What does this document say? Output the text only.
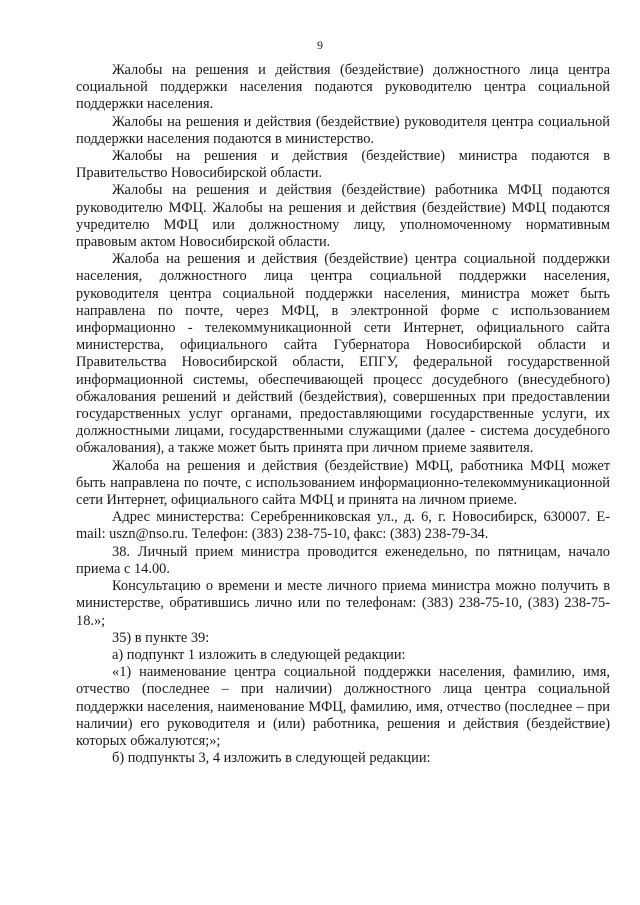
9

Жалобы на решения и действия (бездействие) должностного лица центра социальной поддержки населения подаются руководителю центра социальной поддержки населения.

Жалобы на решения и действия (бездействие) руководителя центра социальной поддержки населения подаются в министерство.

Жалобы на решения и действия (бездействие) министра подаются в Правительство Новосибирской области.

Жалобы на решения и действия (бездействие) работника МФЦ подаются руководителю МФЦ. Жалобы на решения и действия (бездействие) МФЦ подаются учредителю МФЦ или должностному лицу, уполномоченному нормативным правовым актом Новосибирской области.

Жалоба на решения и действия (бездействие) центра социальной поддержки населения, должностного лица центра социальной поддержки населения, руководителя центра социальной поддержки населения, министра может быть направлена по почте, через МФЦ, в электронной форме с использованием информационно - телекоммуникационной сети Интернет, официального сайта министерства, официального сайта Губернатора Новосибирской области и Правительства Новосибирской области, ЕПГУ, федеральной государственной информационной системы, обеспечивающей процесс досудебного (внесудебного) обжалования решений и действий (бездействия), совершенных при предоставлении государственных услуг органами, предоставляющими государственные услуги, их должностными лицами, государственными служащими (далее - система досудебного обжалования), а также может быть принята при личном приеме заявителя.

Жалоба на решения и действия (бездействие) МФЦ, работника МФЦ может быть направлена по почте, с использованием информационно-телекоммуникационной сети Интернет, официального сайта МФЦ и принята на личном приеме.

Адрес министерства: Серебренниковская ул., д. 6, г. Новосибирск, 630007. E-mail: uszn@nso.ru. Телефон: (383) 238-75-10, факс: (383) 238-79-34.

38. Личный прием министра проводится еженедельно, по пятницам, начало приема с 14.00.

Консультацию о времени и месте личного приема министра можно получить в министерстве, обратившись лично или по телефонам: (383) 238-75-10, (383) 238-75-18.»;

35) в пункте 39:

а) подпункт 1 изложить в следующей редакции:

«1) наименование центра социальной поддержки населения, фамилию, имя, отчество (последнее – при наличии) должностного лица центра социальной поддержки населения, наименование МФЦ, фамилию, имя, отчество (последнее – при наличии) его руководителя и (или) работника, решения и действия (бездействие) которых обжалуются;»;

б) подпункты 3, 4 изложить в следующей редакции:
